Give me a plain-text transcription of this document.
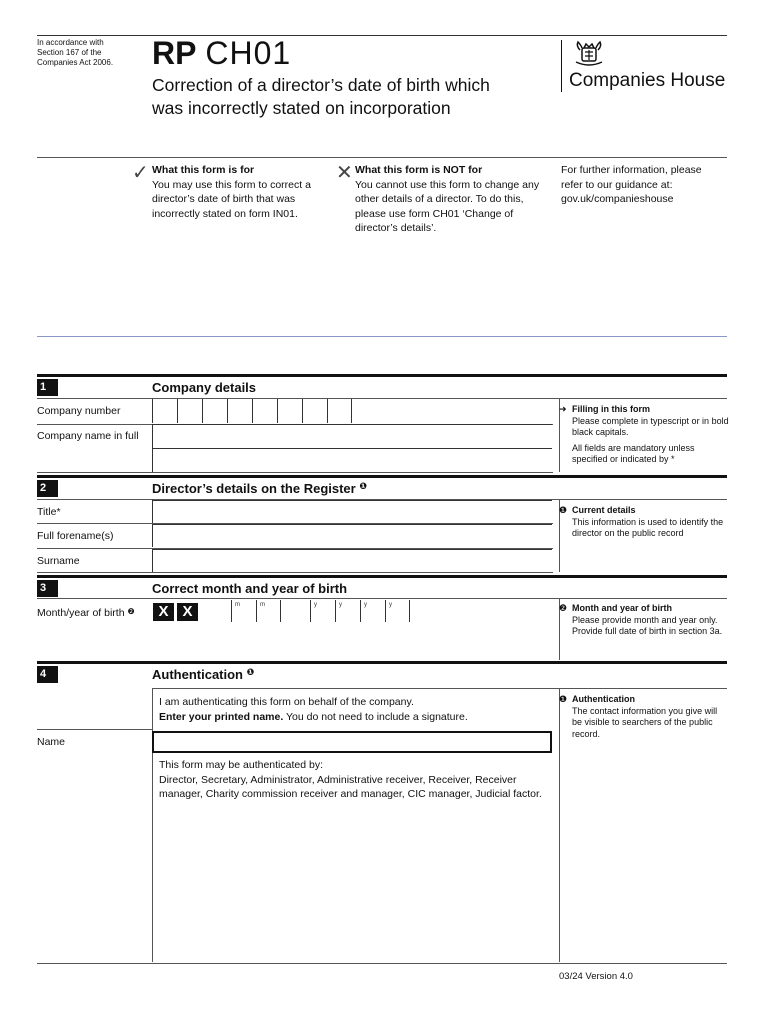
In accordance with
Section 167 of the
Companies Act 2006.	RP CH01
Correction of a director’s date of birth which
was incorrectly stated on incorporation
Companies House
✓ What this form is for
You may use this form to correct a director’s date of birth that was incorrectly stated on form IN01.
✕ What this form is NOT for
You cannot use this form to change any other details of a director. To do this, please use form CH01 ‘Change of director’s details’.
For further information, please refer to our guidance at: gov.uk/companieshouse
1	Company details
Company number
Company name in full
➜ Filling in this form

Please complete in typescript or in bold black capitals.

All fields are mandatory unless specified or indicated by *

2	Director’s details on the Register $^❶$
Title*
Full forename(s)
Surname
❶ Current details

This information is used to identify the director on the public record

3	Correct month and year of birth
Month/year of birth $^❷$	X X	m	m	y	y	y	y	❷ Month and year of birth

Please provide month and year only. Provide full date of birth in section 3a.

4	Authentication $^❶$
I am authenticating this form on behalf of the company.
Enter your printed name. You do not need to include a signature.
Name
This form may be authenticated by:
Director, Secretary, Administrator, Administrative receiver, Receiver, Receiver manager, Charity commission receiver and manager, CIC manager, Judicial factor.
❶ Authentication

The contact information you give will be visible to searchers of the public record.

03/24 Version 4.0
